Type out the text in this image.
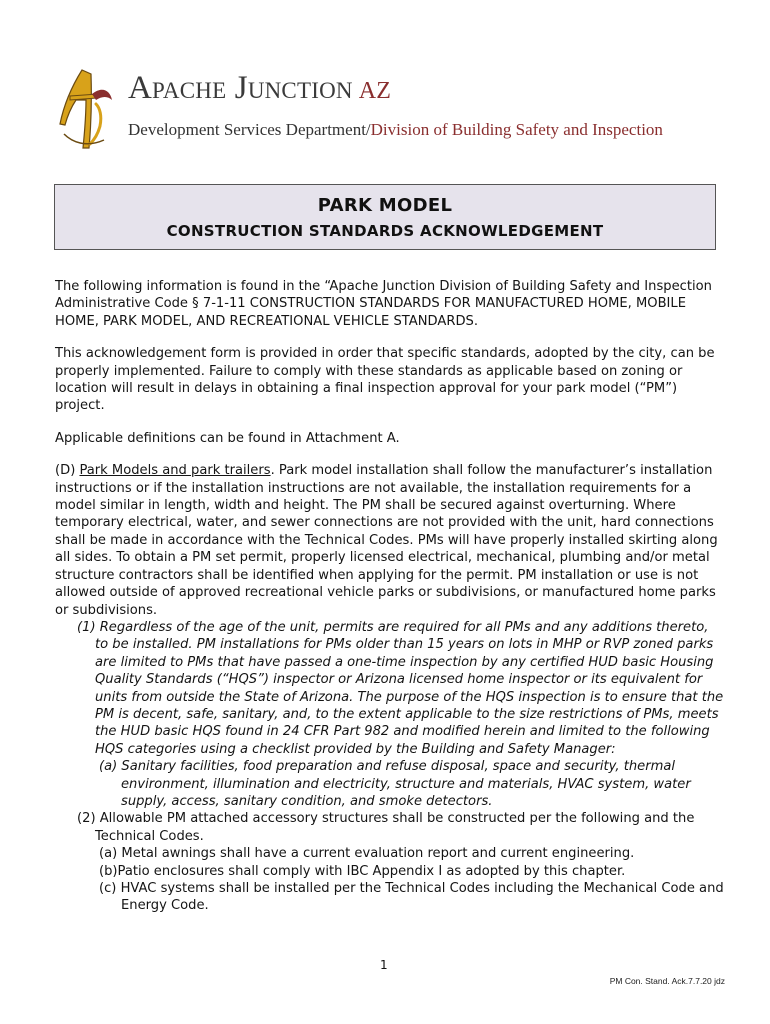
Apache Junction AZ
Development Services Department/Division of Building Safety and Inspection
PARK MODEL
CONSTRUCTION STANDARDS ACKNOWLEDGEMENT

The following information is found in the “Apache Junction Division of Building Safety and Inspection Administrative Code § 7-1-11 CONSTRUCTION STANDARDS FOR MANUFACTURED HOME, MOBILE HOME, PARK MODEL, AND RECREATIONAL VEHICLE STANDARDS.

This acknowledgement form is provided in order that specific standards, adopted by the city, can be properly implemented. Failure to comply with these standards as applicable based on zoning or location will result in delays in obtaining a final inspection approval for your park model (“PM”) project.

Applicable definitions can be found in Attachment A.

(D) Park Models and park trailers. Park model installation shall follow the manufacturer’s installation instructions or if the installation instructions are not available, the installation requirements for a model similar in length, width and height. The PM shall be secured against overturning. Where temporary electrical, water, and sewer connections are not provided with the unit, hard connections shall be made in accordance with the Technical Codes. PMs will have properly installed skirting along all sides. To obtain a PM set permit, properly licensed electrical, mechanical, plumbing and/or metal structure contractors shall be identified when applying for the permit. PM installation or use is not allowed outside of approved recreational vehicle parks or subdivisions, or manufactured home parks or subdivisions.
(1) Regardless of the age of the unit, permits are required for all PMs and any additions thereto, to be installed. PM installations for PMs older than 15 years on lots in MHP or RVP zoned parks are limited to PMs that have passed a one-time inspection by any certified HUD basic Housing Quality Standards (“HQS”) inspector or Arizona licensed home inspector or its equivalent for units from outside the State of Arizona. The purpose of the HQS inspection is to ensure that the PM is decent, safe, sanitary, and, to the extent applicable to the size restrictions of PMs, meets the HUD basic HQS found in 24 CFR Part 982 and modified herein and limited to the following HQS categories using a checklist provided by the Building and Safety Manager:
(a) Sanitary facilities, food preparation and refuse disposal, space and security, thermal environment, illumination and electricity, structure and materials, HVAC system, water supply, access, sanitary condition, and smoke detectors.
(2) Allowable PM attached accessory structures shall be constructed per the following and the Technical Codes.
(a) Metal awnings shall have a current evaluation report and current engineering.
(b)Patio enclosures shall comply with IBC Appendix I as adopted by this chapter.
(c) HVAC systems shall be installed per the Technical Codes including the Mechanical Code and Energy Code.
1
PM Con. Stand. Ack.7.7.20 jdz
